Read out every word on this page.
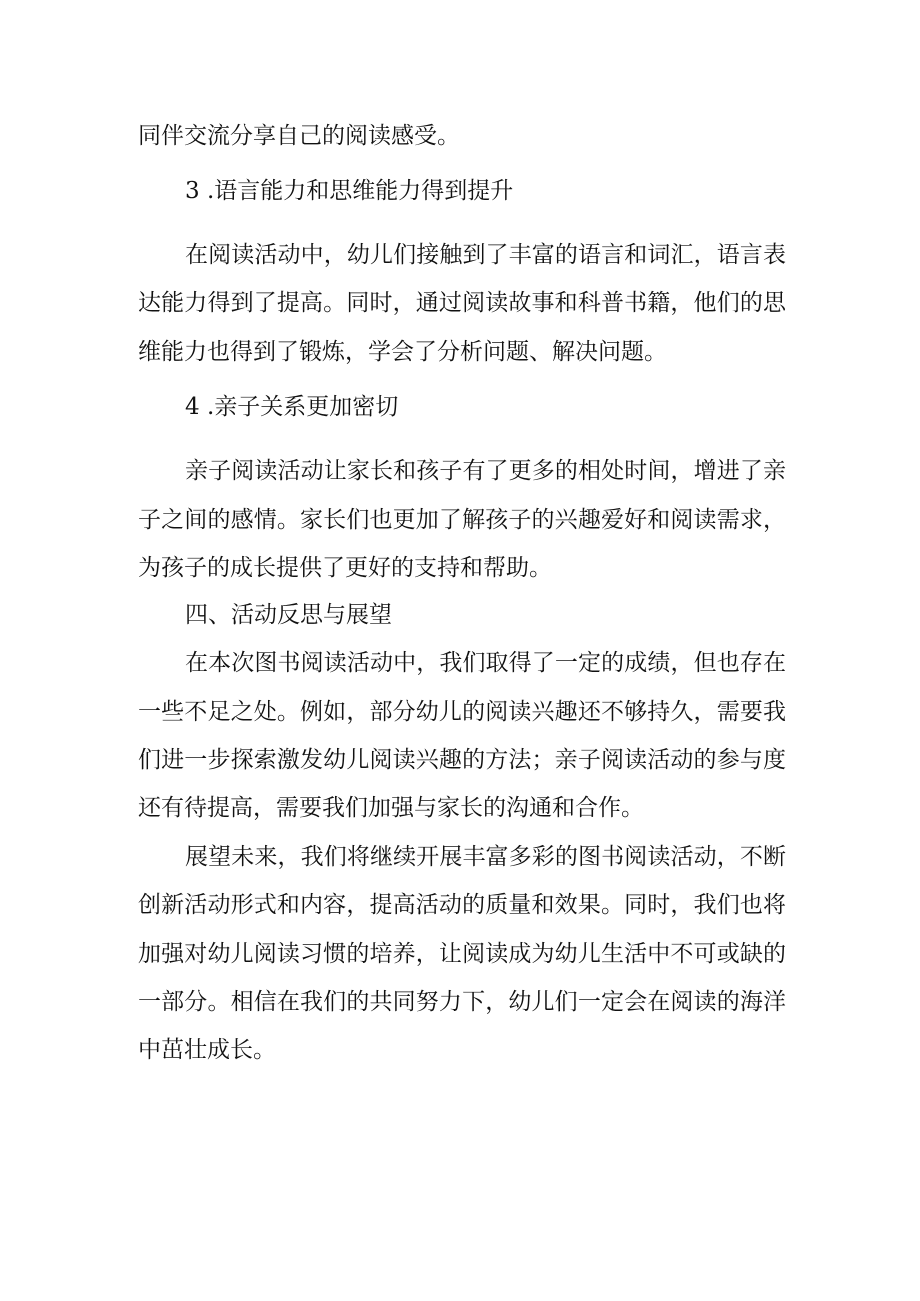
同伴交流分享自己的阅读感受。
3 .语言能力和思维能力得到提升
在阅读活动中，幼儿们接触到了丰富的语言和词汇，语言表
达能力得到了提高。同时，通过阅读故事和科普书籍，他们的思
维能力也得到了锻炼，学会了分析问题、解决问题。
4 .亲子关系更加密切
亲子阅读活动让家长和孩子有了更多的相处时间，增进了亲
子之间的感情。家长们也更加了解孩子的兴趣爱好和阅读需求，
为孩子的成长提供了更好的支持和帮助。
四、活动反思与展望
在本次图书阅读活动中，我们取得了一定的成绩，但也存在
一些不足之处。例如，部分幼儿的阅读兴趣还不够持久，需要我
们进一步探索激发幼儿阅读兴趣的方法；亲子阅读活动的参与度
还有待提高，需要我们加强与家长的沟通和合作。
展望未来，我们将继续开展丰富多彩的图书阅读活动，不断
创新活动形式和内容，提高活动的质量和效果。同时，我们也将
加强对幼儿阅读习惯的培养，让阅读成为幼儿生活中不可或缺的
一部分。相信在我们的共同努力下，幼儿们一定会在阅读的海洋
中茁壮成长。
